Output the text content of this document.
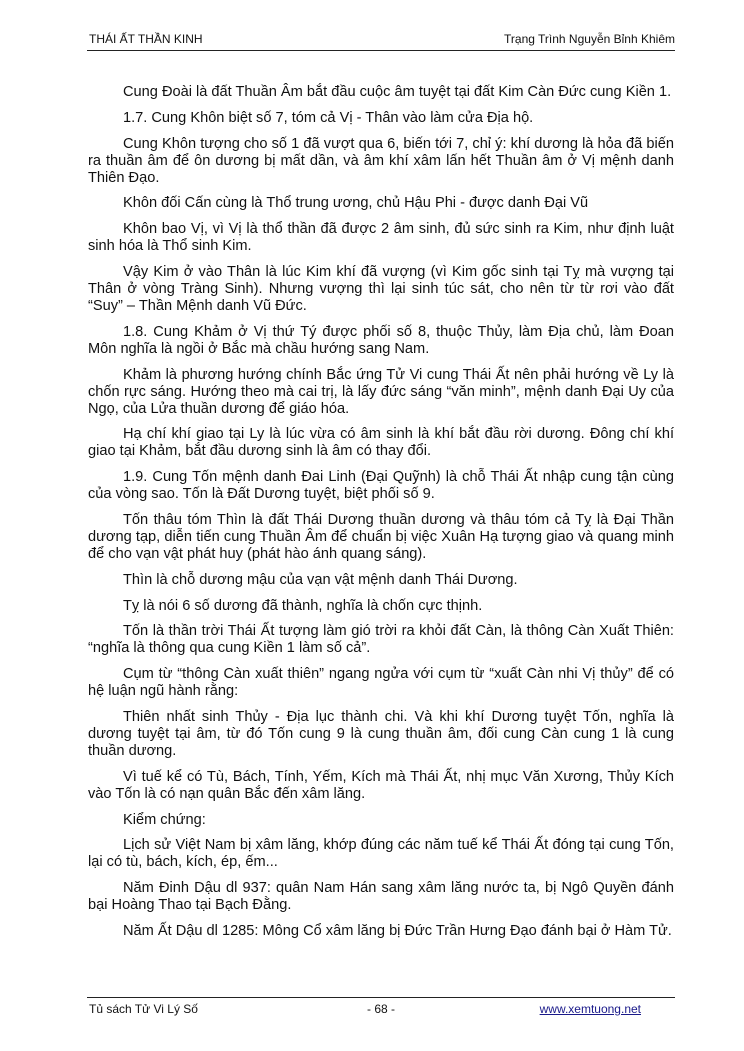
THÁI ẤT THẦN KINH	Trạng Trình Nguyễn Bỉnh Khiêm

Cung Đoài là đất Thuần Âm bắt đầu cuộc âm tuyệt tại đất Kim Càn Đức cung Kiền 1.

1.7. Cung Khôn biệt số 7, tóm cả Vị - Thân vào làm cửa Địa hộ.

Cung Khôn tượng cho số 1 đã vượt qua 6, biến tới 7, chỉ ý: khí dương là hỏa đã biến ra thuần âm để ôn dương bị mất dần, và âm khí xâm lấn hết Thuần âm ở Vị mệnh danh Thiên Đạo.

Khôn đối Cấn cùng là Thổ trung ương, chủ Hậu Phi - được danh Đại Vũ

Khôn bao Vị, vì Vị là thổ thần đã được 2 âm sinh, đủ sức sinh ra Kim, như định luật sinh hóa là Thổ sinh Kim.

Vậy Kim ở vào Thân là lúc Kim khí đã vượng (vì Kim gốc sinh tại Tỵ mà vượng tại Thân ở vòng Tràng Sinh). Nhưng vượng thì lại sinh túc sát, cho nên từ từ rơi vào đất “Suy” – Thần Mệnh danh Vũ Đức.

1.8. Cung Khảm ở Vị thứ Tý được phối số 8, thuộc Thủy, làm Địa chủ, làm Đoan Môn nghĩa là ngồi ở Bắc mà chầu hướng sang Nam.

Khảm là phương hướng chính Bắc ứng Tử Vi cung Thái Ất nên phải hướng về Ly là chốn rực sáng. Hướng theo mà cai trị, là lấy đức sáng “văn minh”, mệnh danh Đại Uy của Ngọ, của Lửa thuần dương để giáo hóa.

Hạ chí khí giao tại Ly là lúc vừa có âm sinh là khí bắt đầu rời dương. Đông chí khí giao tại Khảm, bắt đầu dương sinh là âm có thay đổi.

1.9. Cung Tốn mệnh danh Đai Linh (Đại Quỹnh) là chỗ Thái Ất nhập cung tận cùng của vòng sao. Tốn là Đất Dương tuyệt, biệt phối số 9.

Tốn thâu tóm Thìn là đất Thái Dương thuần dương và thâu tóm cả Tỵ là Đại Thần dương tạp, diễn tiến cung Thuần Âm để chuẩn bị việc Xuân Hạ tượng giao và quang minh để cho vạn vật phát huy (phát hào ánh quang sáng).

Thìn là chỗ dương mậu của vạn vật mệnh danh Thái Dương.

Tỵ là nói 6 số dương đã thành, nghĩa là chốn cực thịnh.

Tốn là thần trời Thái Ất tượng làm gió trời ra khỏi đất Càn, là thông Càn Xuất Thiên: “nghĩa là thông qua cung Kiền 1 làm số cả”.

Cụm từ “thông Càn xuất thiên” ngang ngửa với cụm từ “xuất Càn nhi Vị thủy” để có hệ luận ngũ hành rằng:

Thiên nhất sinh Thủy - Địa lục thành chi. Và khi khí Dương tuyệt Tốn, nghĩa là dương tuyệt tại âm, từ đó Tốn cung 9 là cung thuần âm, đối cung Càn cung 1 là cung thuần dương.

Vì tuế kể có Tù, Bách, Tính, Yếm, Kích mà Thái Ất, nhị mục Văn Xương, Thủy Kích vào Tốn là có nạn quân Bắc đến xâm lăng.

Kiểm chứng:

Lịch sử Việt Nam bị xâm lăng, khớp đúng các năm tuế kể Thái Ất đóng tại cung Tốn, lại có tù, bách, kích, ép, ếm...

Năm Đinh Dậu dl 937: quân Nam Hán sang xâm lăng nước ta, bị Ngô Quyền đánh bại Hoàng Thao tại Bạch Đằng.

Năm Ất Dậu dl 1285: Mông Cổ xâm lăng bị Đức Trần Hưng Đạo đánh bại ở Hàm Tử.

Tủ sách Tử Vi Lý Số	- 68 -	www.xemtuong.net
